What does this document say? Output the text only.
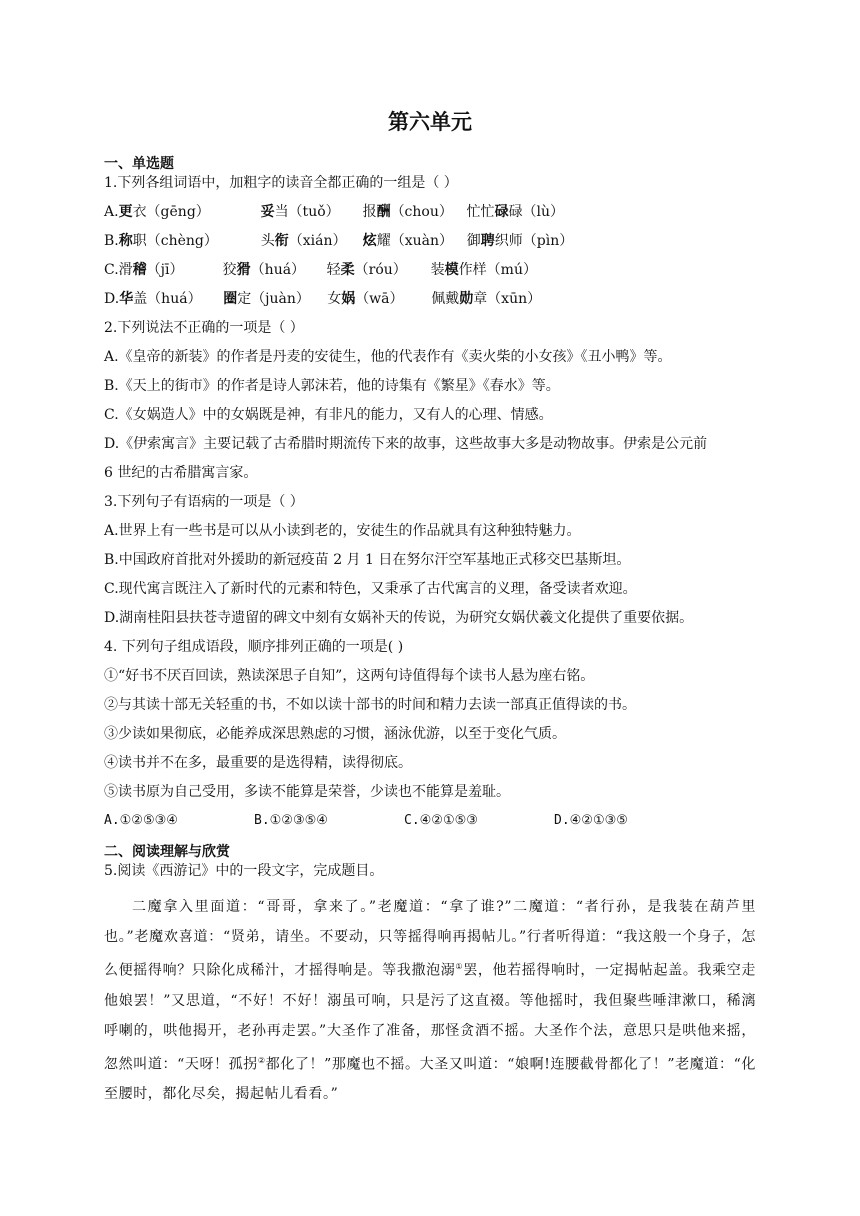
第六单元
一、单选题
1.下列各组词语中，加粗字的读音全都正确的一组是（ ）
A.更衣（gēng）	妥当（tuǒ） 报酬（chou） 忙忙碌碌（lù）
B.称职（chèng）	头衔（xián） 炫耀（xuàn） 御聘织师（pìn）
C.滑稽（jī）	狡猾（huá） 轻柔（róu） 装模作样（mú）
D.华盖（huá） 圈定（juàn） 女娲（wā） 佩戴勋章（xūn）
2.下列说法不正确的一项是（ ）
A.《皇帝的新装》的作者是丹麦的安徒生，他的代表作有《卖火柴的小女孩》《丑小鸭》等。
B.《天上的街市》的作者是诗人郭沫若，他的诗集有《繁星》《春水》等。
C.《女娲造人》中的女娲既是神，有非凡的能力，又有人的心理、情感。
D.《伊索寓言》主要记载了古希腊时期流传下来的故事，这些故事大多是动物故事。伊索是公元前
6 世纪的古希腊寓言家。
3.下列句子有语病的一项是（ ）
A.世界上有一些书是可以从小读到老的，安徒生的作品就具有这种独特魅力。
B.中国政府首批对外援助的新冠疫苗 2 月 1 日在努尔汗空军基地正式移交巴基斯坦。
C.现代寓言既注入了新时代的元素和特色，又秉承了古代寓言的义理，备受读者欢迎。
D.湖南桂阳县扶苍寺遗留的碑文中刻有女娲补天的传说，为研究女娲伏羲文化提供了重要依据。
4. 下列句子组成语段，顺序排列正确的一项是( )
①“好书不厌百回读，熟读深思子自知”，这两句诗值得每个读书人悬为座右铭。
②与其读十部无关轻重的书，不如以读十部书的时间和精力去读一部真正值得读的书。
③少读如果彻底，必能养成深思熟虑的习惯，涵泳优游，以至于变化气质。
④读书并不在多，最重要的是选得精，读得彻底。
⑤读书原为自己受用，多读不能算是荣誉，少读也不能算是羞耻。
A.①②⑤③④	B.①②③⑤④	C.④②①⑤③	D.④②①③⑤
二、阅读理解与欣赏
5.阅读《西游记》中的一段文字，完成题目。

二魔拿入里面道：“哥哥，拿来了。”老魔道：“拿了谁?”二魔道：“者行孙，是我装在葫芦里也。”老魔欢喜道：“贤弟，请坐。不要动，只等摇得响再揭帖儿。”行者听得道：“我这般一个身子，怎么便摇得响？只除化成稀汁，才摇得响是。等我撒泡溺①罢，他若摇得响时，一定揭帖起盖。我乘空走他娘罢！”又思道，“不好！不好！溺虽可响，只是污了这直裰。等他摇时，我但聚些唾津漱口，稀漓呼喇的，哄他揭开，老孙再走罢。”大圣作了准备，那怪贪酒不摇。大圣作个法，意思只是哄他来摇，忽然叫道：“天呀！孤拐②都化了！”那魔也不摇。大圣又叫道：“娘啊!连腰截骨都化了！”老魔道：“化至腰时，都化尽矣，揭起帖儿看看。”
